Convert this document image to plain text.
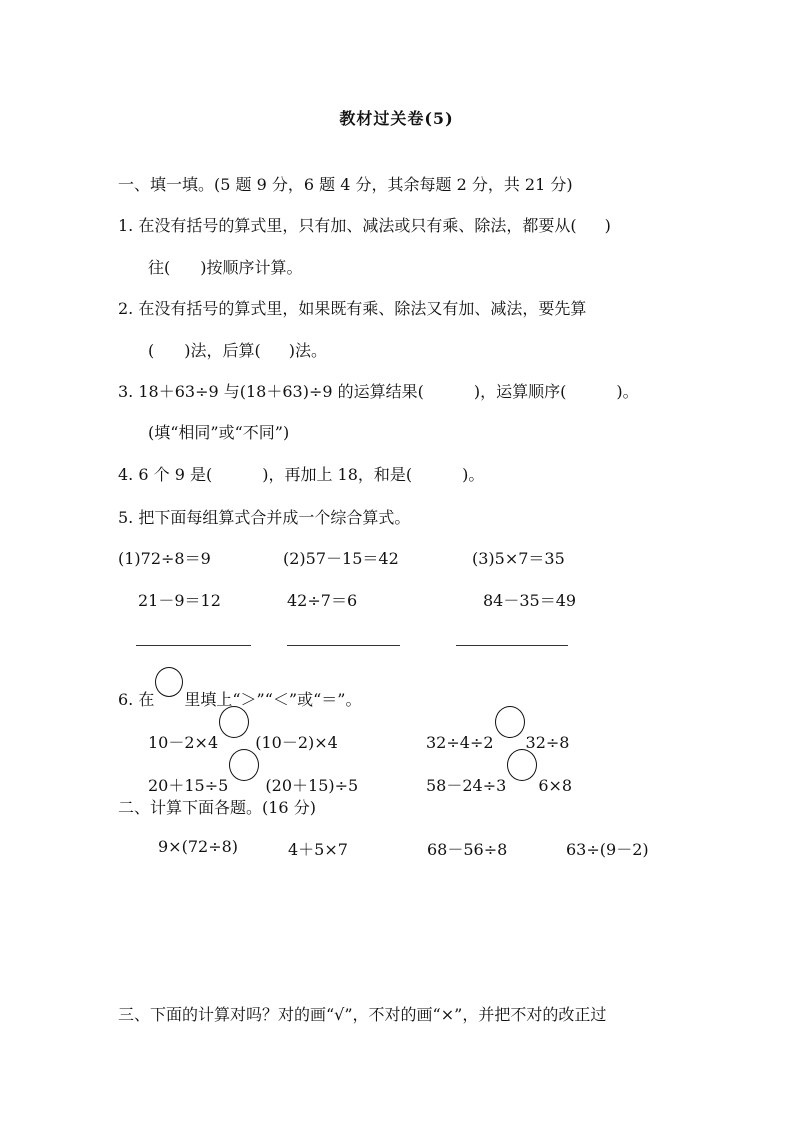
教材过关卷(5)
一、填一填。(5 题 9 分，6 题 4 分，其余每题 2 分，共 21 分)
1. 在没有括号的算式里，只有加、减法或只有乘、除法，都要从( )
往( )按顺序计算。
2. 在没有括号的算式里，如果既有乘、除法又有加、减法，要先算
( )法，后算( )法。
3. 18＋63÷9 与(18＋63)÷9 的运算结果(	)，运算顺序(	)。
(填“相同”或“不同”)
4. 6 个 9 是(	)，再加上 18，和是(	)。
5. 把下面每组算式合并成一个综合算式。
(1)72÷8＝9	(2)57－15＝42	(3)5×7＝35
21－9＝12	42÷7＝6	84－35＝49
6. 在 里填上“＞”“＜”或“＝”。
10－2×4 (10－2)×4	32÷4÷2 32÷8
20＋15÷5 (20＋15)÷5	58－24÷3 6×8
二、计算下面各题。(16 分)
9×(72÷8)	4＋5×7	68－56÷8	63÷(9－2)
三、下面的计算对吗？对的画“√”，不对的画“×”，并把不对的改正过
